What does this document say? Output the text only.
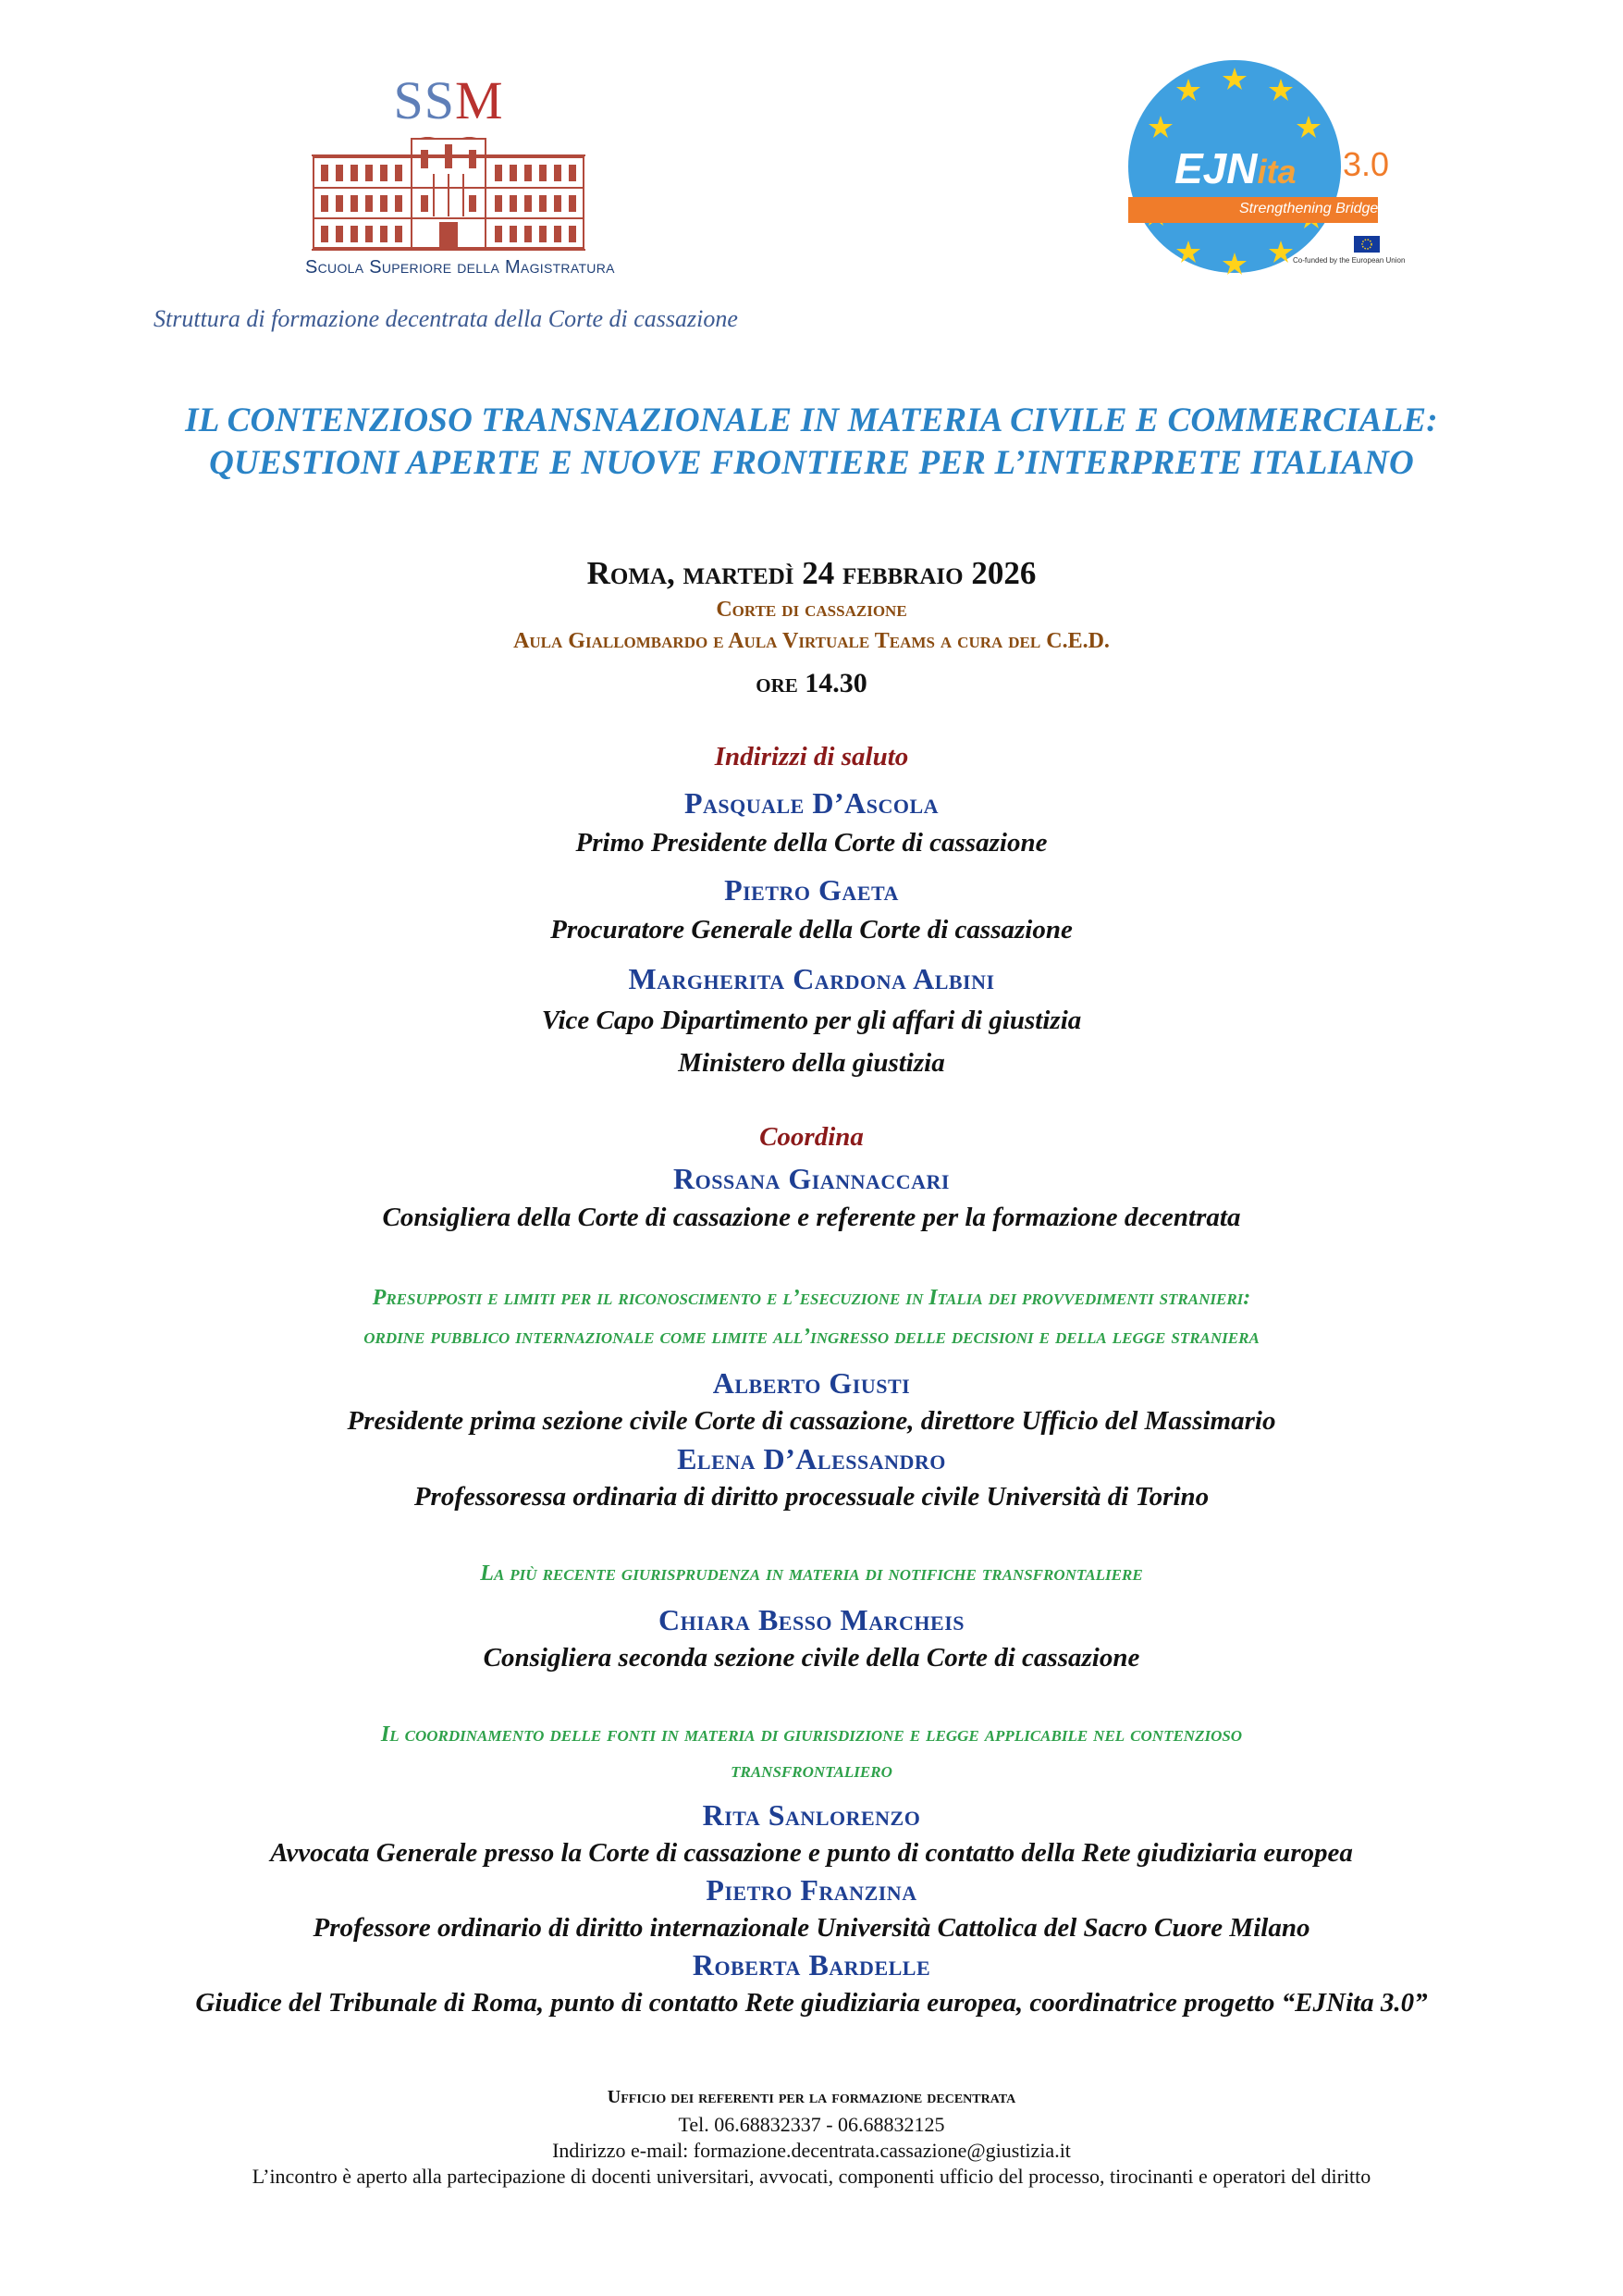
SSM
Scuola Superiore della Magistratura
EJNita 3.0
Strengthening Bridges
Co-funded by the European Union
Struttura di formazione decentrata della Corte di cassazione
IL CONTENZIOSO TRANSNAZIONALE IN MATERIA CIVILE E COMMERCIALE:
QUESTIONI APERTE E NUOVE FRONTIERE PER L’INTERPRETE ITALIANO
Roma, martedì 24 febbraio 2026
Corte di cassazione
Aula Giallombardo e Aula Virtuale Teams a cura del C.E.D.
ore 14.30
Indirizzi di saluto
Pasquale D’Ascola
Primo Presidente della Corte di cassazione
Pietro Gaeta
Procuratore Generale della Corte di cassazione
Margherita Cardona Albini
Vice Capo Dipartimento per gli affari di giustizia
Ministero della giustizia
Coordina
Rossana Giannaccari
Consigliera della Corte di cassazione e referente per la formazione decentrata
Presupposti e limiti per il riconoscimento e l’esecuzione in Italia dei provvedimenti stranieri:
ordine pubblico internazionale come limite all’ingresso delle decisioni e della legge straniera
Alberto Giusti
Presidente prima sezione civile Corte di cassazione, direttore Ufficio del Massimario
Elena D’Alessandro
Professoressa ordinaria di diritto processuale civile Università di Torino
La più recente giurisprudenza in materia di notifiche transfrontaliere
Chiara Besso Marcheis
Consigliera seconda sezione civile della Corte di cassazione
Il coordinamento delle fonti in materia di giurisdizione e legge applicabile nel contenzioso
transfrontaliero
Rita Sanlorenzo
Avvocata Generale presso la Corte di cassazione e punto di contatto della Rete giudiziaria europea
Pietro Franzina
Professore ordinario di diritto internazionale Università Cattolica del Sacro Cuore Milano
Roberta Bardelle
Giudice del Tribunale di Roma, punto di contatto Rete giudiziaria europea, coordinatrice progetto “EJNita 3.0”
Ufficio dei referenti per la formazione decentrata
Tel. 06.68832337 - 06.68832125
Indirizzo e-mail: formazione.decentrata.cassazione@giustizia.it
L’incontro è aperto alla partecipazione di docenti universitari, avvocati, componenti ufficio del processo, tirocinanti e operatori del diritto
